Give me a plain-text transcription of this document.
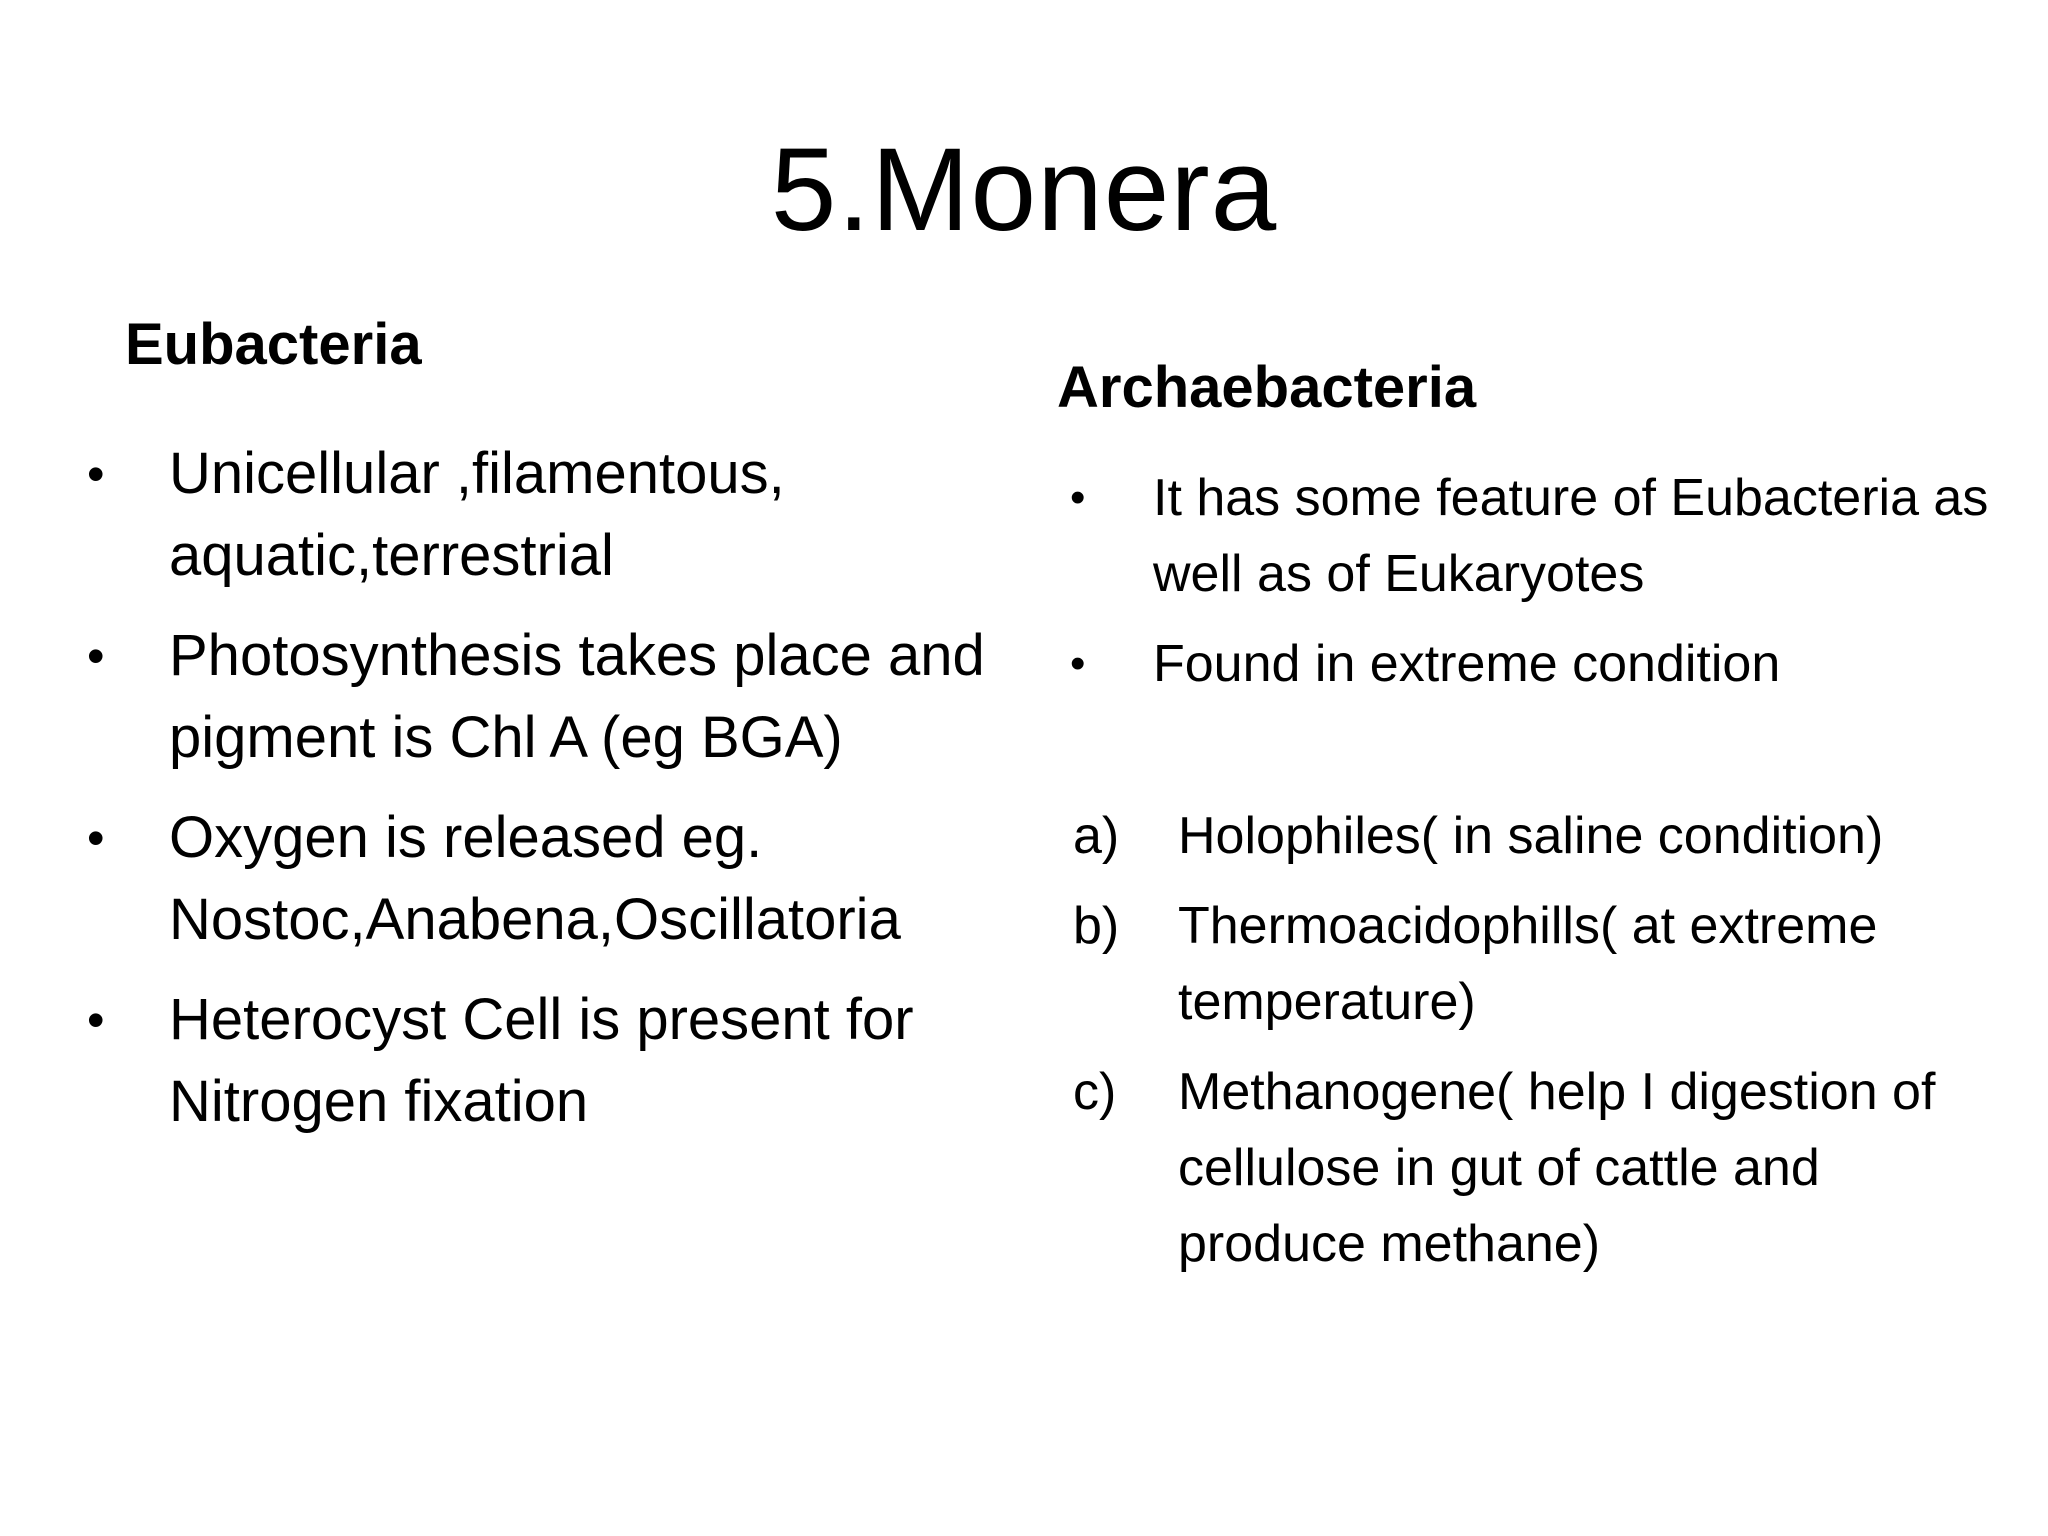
5.Monera
Eubacteria
• Unicellular ,filamentous, aquatic,terrestrial
• Photosynthesis takes place and pigment is Chl A (eg BGA)
• Oxygen is released eg. Nostoc,Anabena,Oscillatoria
• Heterocyst Cell is present for Nitrogen fixation
Archaebacteria
• It has some feature of Eubacteria as well as of Eukaryotes
• Found in extreme condition
a) Holophiles( in saline condition)
b) Thermoacidophills( at extreme temperature)
c) Methanogene( help I digestion of cellulose in gut of cattle and produce methane)
